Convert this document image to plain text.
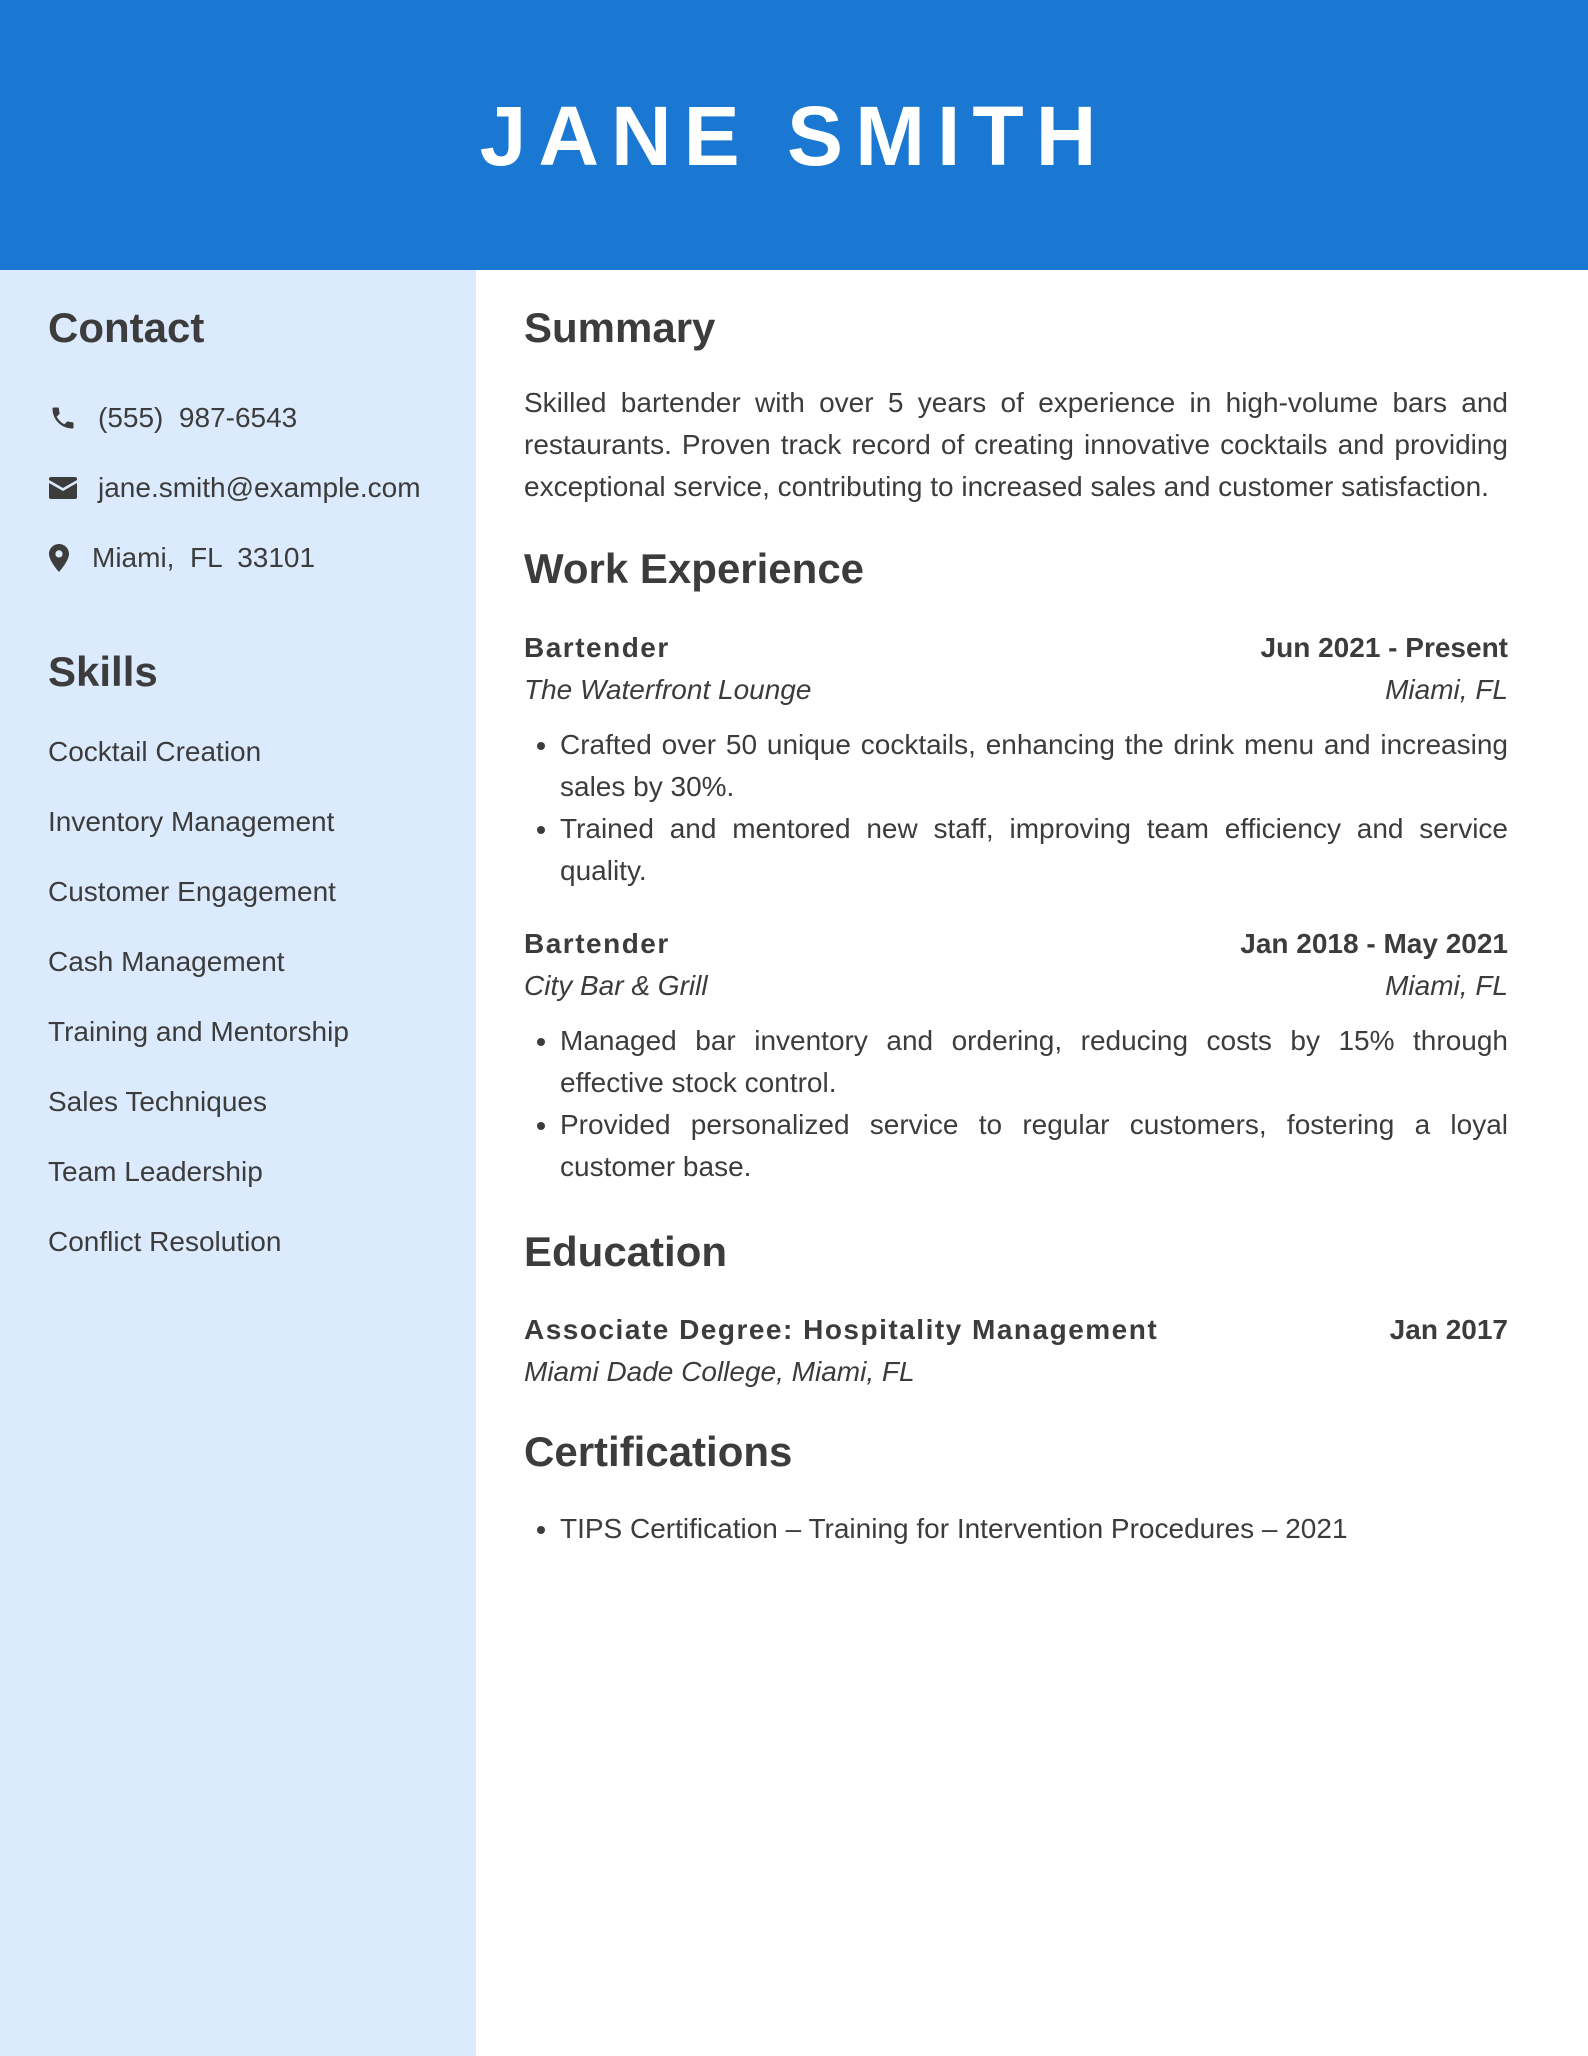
JANE SMITH
Contact
(555)  987-6543
jane.smith@example.com
Miami,  FL  33101
Skills
Cocktail Creation
Inventory Management
Customer Engagement
Cash Management
Training and Mentorship
Sales Techniques
Team Leadership
Conflict Resolution
Summary

Skilled bartender with over 5 years of experience in high-volume bars and restaurants. Proven track record of creating innovative cocktails and providing exceptional service, contributing to increased sales and customer satisfaction.

Work Experience
Bartender	Jun 2021 - Present
The Waterfront Lounge	Miami, FL
• Crafted over 50 unique cocktails, enhancing the drink menu and increasing sales by 30%.
• Trained and mentored new staff, improving team efficiency and service quality.
Bartender	Jan 2018 - May 2021
City Bar & Grill	Miami, FL
• Managed bar inventory and ordering, reducing costs by 15% through effective stock control.
• Provided personalized service to regular customers, fostering a loyal customer base.
Education
Associate Degree: Hospitality Management	Jan 2017
Miami Dade College, Miami, FL
Certifications
• TIPS Certification – Training for Intervention Procedures – 2021
